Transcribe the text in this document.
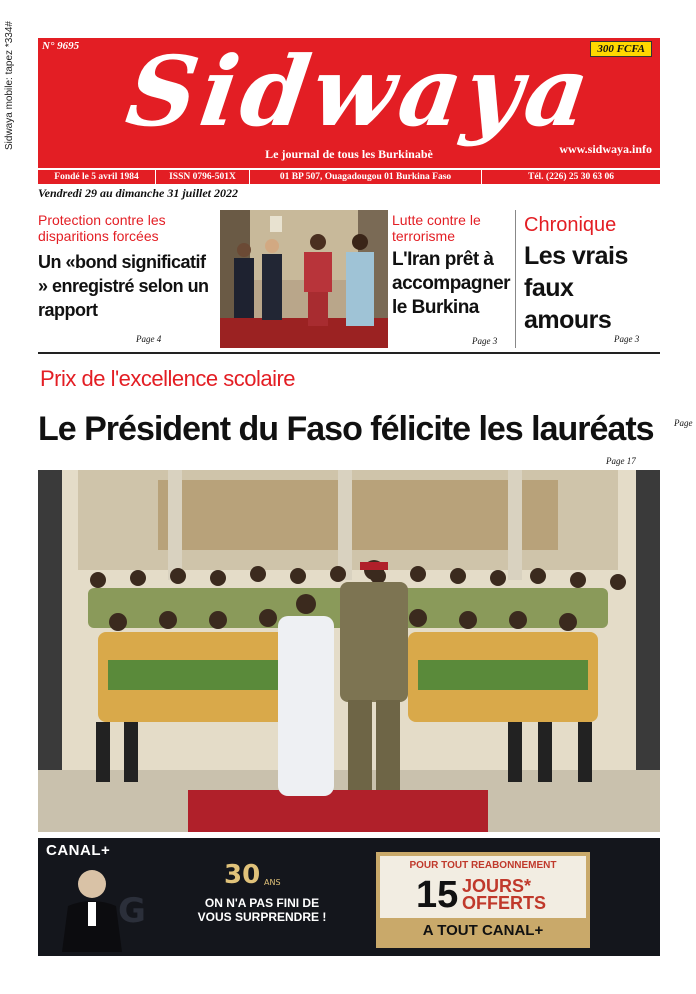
Sidwaya mobile: tapez *334# N° 9695	300 FCFA
Sidwaya
Le journal de tous les Burkinabè	www.sidwaya.info
Fondé le 5 avril 1984	ISSN 0796-501X	01 BP 507, Ouagadougou 01 Burkina Faso	Tél. (226) 25 30 63 06
Vendredi 29 au dimanche 31 juillet 2022
Protection contre les disparitions forcées
Un «bond significatif » enregistré selon un rapport
Page 4
Lutte contre le terrorisme
L'Iran prêt à accompagner le Burkina
Page 3
Chronique
Les vrais faux amours
Page 3
Prix de l'excellence scolaire
Le Président du Faso félicite les lauréats Page
Page 17
CANAL+
G
30 ANS
ON N'A PAS FINI DE
VOUS SURPRENDRE !
POUR TOUT REABONNEMENT
15 JOURS* OFFERTS
A TOUT CANAL+
